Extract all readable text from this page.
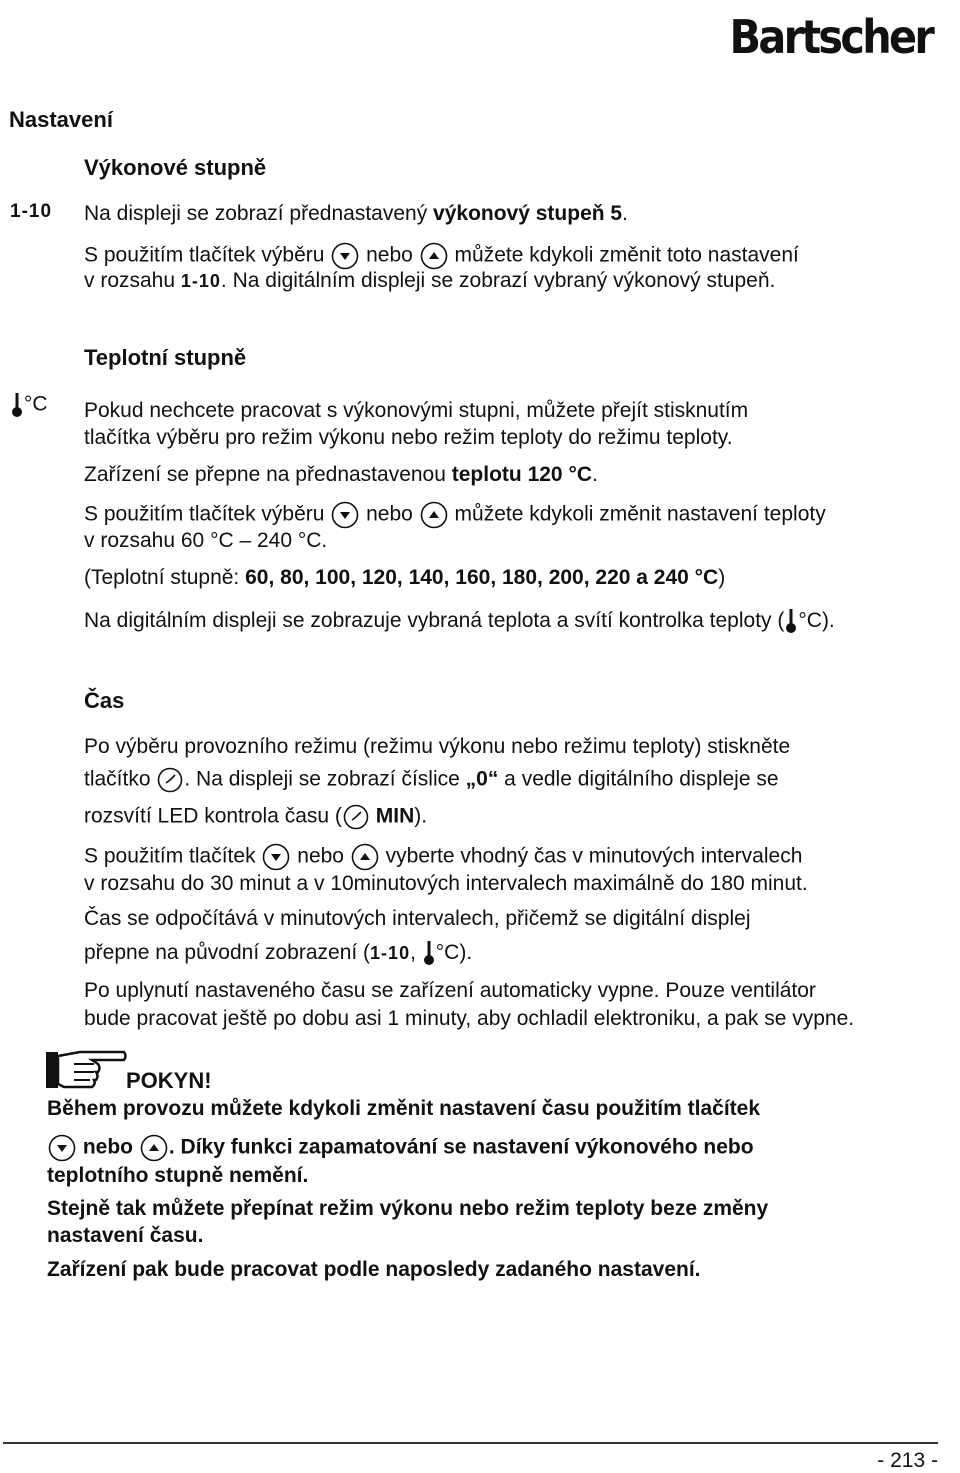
Bartscher
Nastavení
Výkonové stupně
1-10 Na displeji se zobrazí přednastavený výkonový stupeň 5.
S použitím tlačítek výběru nebo můžete kdykoli změnit toto nastavení
v rozsahu 1-10. Na digitálním displeji se zobrazí vybraný výkonový stupeň.
Teplotní stupně
°C Pokud nechcete pracovat s výkonovými stupni, můžete přejít stisknutím
tlačítka výběru pro režim výkonu nebo režim teploty do režimu teploty.
Zařízení se přepne na přednastavenou teplotu 120 °C.
S použitím tlačítek výběru nebo můžete kdykoli změnit nastavení teploty
v rozsahu 60 °C – 240 °C.
(Teplotní stupně: 60, 80, 100, 120, 140, 160, 180, 200, 220 a 240 °C)
Na digitálním displeji se zobrazuje vybraná teplota a svítí kontrolka teploty ( °C).
Čas
Po výběru provozního režimu (režimu výkonu nebo režimu teploty) stiskněte
tlačítko . Na displeji se zobrazí číslice „0“ a vedle digitálního displeje se
rozsvítí LED kontrola času ( MIN).
S použitím tlačítek nebo vyberte vhodný čas v minutových intervalech
v rozsahu do 30 minut a v 10minutových intervalech maximálně do 180 minut.
Čas se odpočítává v minutových intervalech, přičemž se digitální displej
přepne na původní zobrazení (1-10, °C).
Po uplynutí nastaveného času se zařízení automaticky vypne. Pouze ventilátor
bude pracovat ještě po dobu asi 1 minuty, aby ochladil elektroniku, a pak se vypne.
POKYN!
Během provozu můžete kdykoli změnit nastavení času použitím tlačítek
nebo . Díky funkci zapamatování se nastavení výkonového nebo
teplotního stupně nemění.
Stejně tak můžete přepínat režim výkonu nebo režim teploty beze změny
nastavení času.
Zařízení pak bude pracovat podle naposledy zadaného nastavení.
- 213 -
